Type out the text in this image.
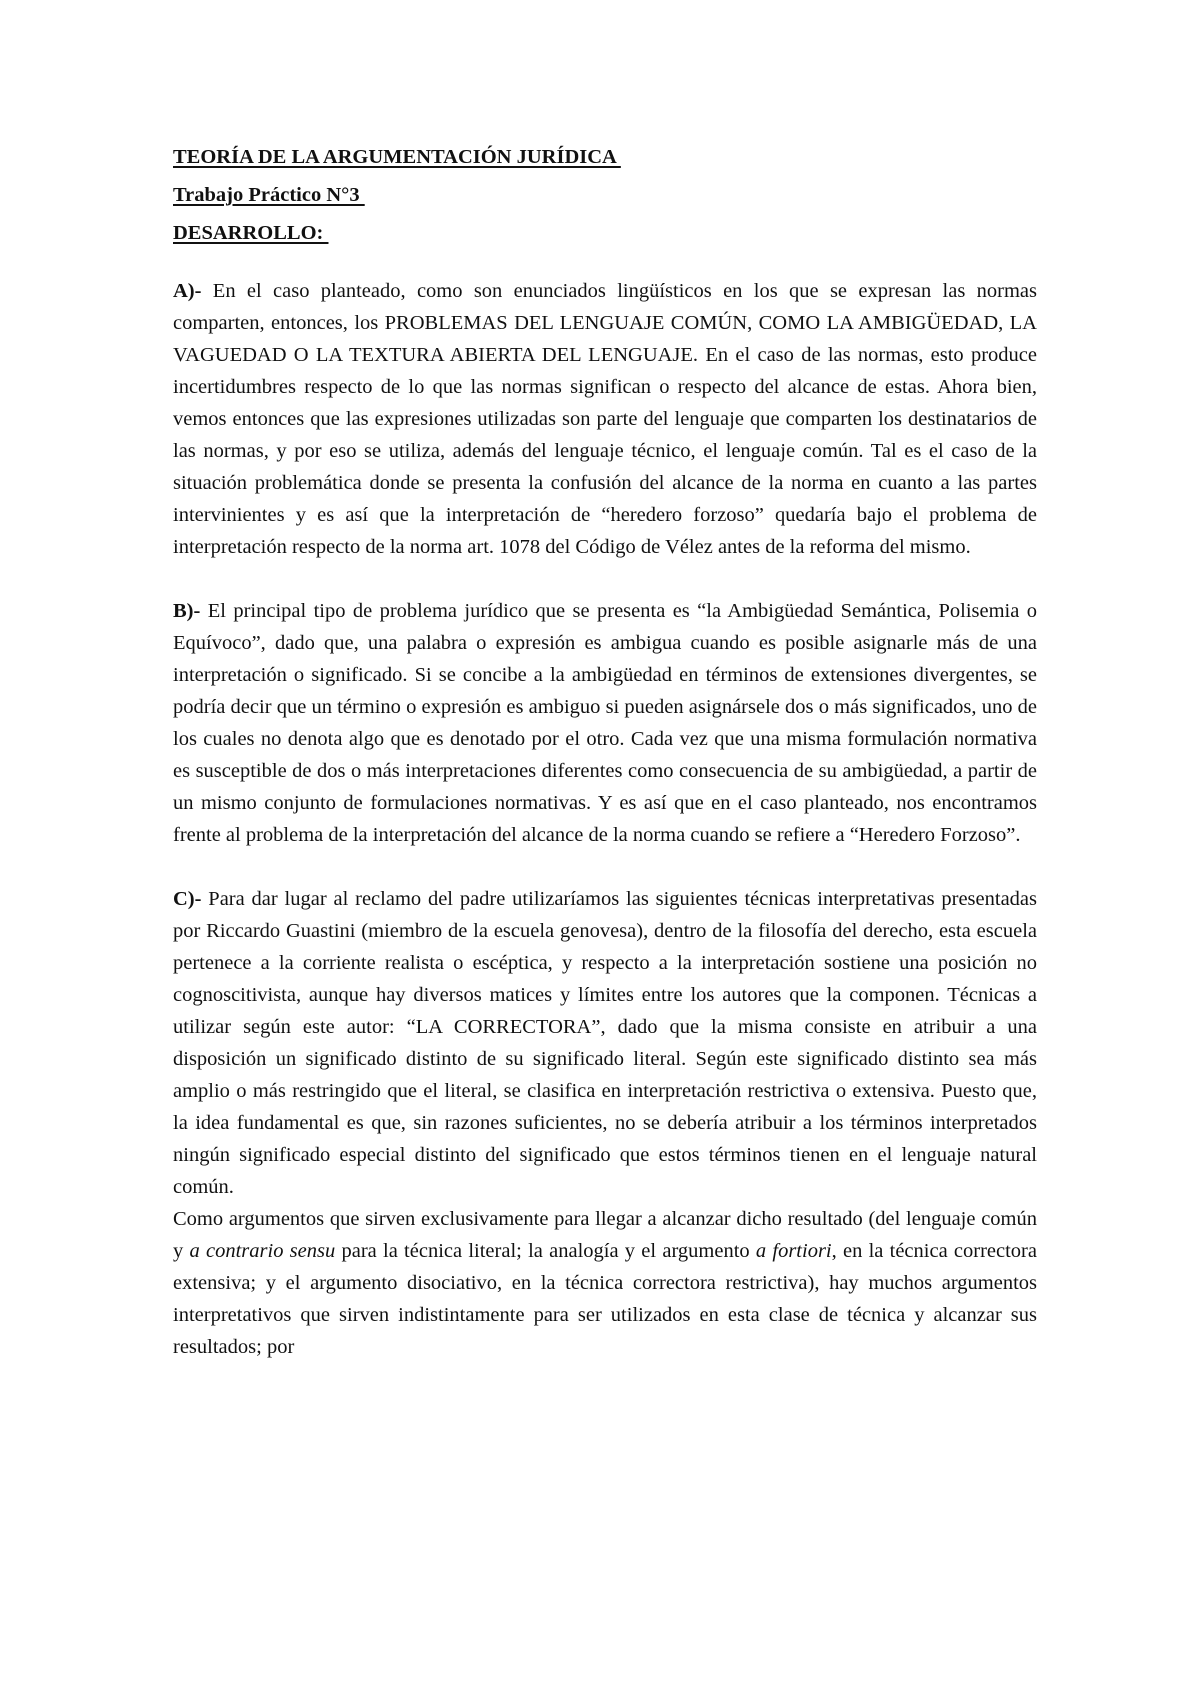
TEORÍA DE LA ARGUMENTACIÓN JURÍDICA

Trabajo Práctico N°3

DESARROLLO:

A)- En el caso planteado, como son enunciados lingüísticos en los que se expresan las normas comparten, entonces, los PROBLEMAS DEL LENGUAJE COMÚN, COMO LA AMBIGÜEDAD, LA VAGUEDAD O LA TEXTURA ABIERTA DEL LENGUAJE. En el caso de las normas, esto produce incertidumbres respecto de lo que las normas significan o respecto del alcance de estas. Ahora bien, vemos entonces que las expresiones utilizadas son parte del lenguaje que comparten los destinatarios de las normas, y por eso se utiliza, además del lenguaje técnico, el lenguaje común. Tal es el caso de la situación problemática donde se presenta la confusión del alcance de la norma en cuanto a las partes intervinientes y es así que la interpretación de “heredero forzoso” quedaría bajo el problema de interpretación respecto de la norma art. 1078 del Código de Vélez antes de la reforma del mismo.

B)- El principal tipo de problema jurídico que se presenta es “la Ambigüedad Semántica, Polisemia o Equívoco”, dado que, una palabra o expresión es ambigua cuando es posible asignarle más de una interpretación o significado. Si se concibe a la ambigüedad en términos de extensiones divergentes, se podría decir que un término o expresión es ambiguo si pueden asignársele dos o más significados, uno de los cuales no denota algo que es denotado por el otro. Cada vez que una misma formulación normativa es susceptible de dos o más interpretaciones diferentes como consecuencia de su ambigüedad, a partir de un mismo conjunto de formulaciones normativas. Y es así que en el caso planteado, nos encontramos frente al problema de la interpretación del alcance de la norma cuando se refiere a “Heredero Forzoso”.

C)- Para dar lugar al reclamo del padre utilizaríamos las siguientes técnicas interpretativas presentadas por Riccardo Guastini (miembro de la escuela genovesa), dentro de la filosofía del derecho, esta escuela pertenece a la corriente realista o escéptica, y respecto a la interpretación sostiene una posición no cognoscitivista, aunque hay diversos matices y límites entre los autores que la componen. Técnicas a utilizar según este autor: “LA CORRECTORA”, dado que la misma consiste en atribuir a una disposición un significado distinto de su significado literal. Según este significado distinto sea más amplio o más restringido que el literal, se clasifica en interpretación restrictiva o extensiva. Puesto que, la idea fundamental es que, sin razones suficientes, no se debería atribuir a los términos interpretados ningún significado especial distinto del significado que estos términos tienen en el lenguaje natural común.

Como argumentos que sirven exclusivamente para llegar a alcanzar dicho resultado (del lenguaje común y a contrario sensu para la técnica literal; la analogía y el argumento a fortiori, en la técnica correctora extensiva; y el argumento disociativo, en la técnica correctora restrictiva), hay muchos argumentos interpretativos que sirven indistintamente para ser utilizados en esta clase de técnica y alcanzar sus resultados; por
